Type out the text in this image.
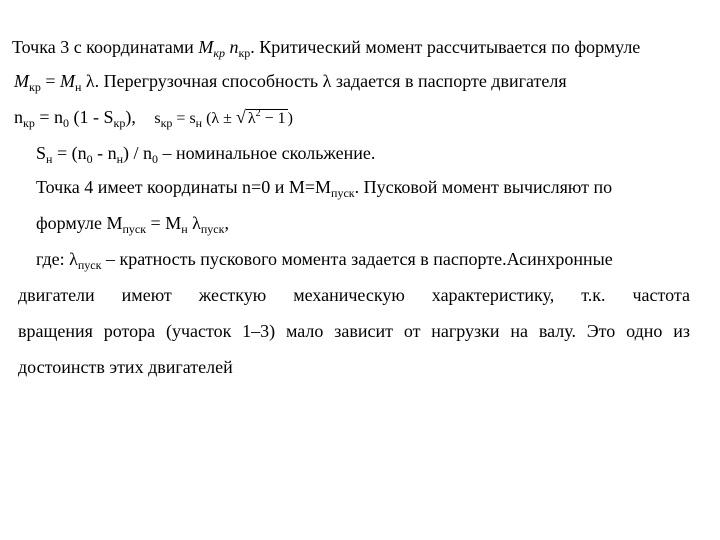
Точка 3 с координатами $M_{кр}$ $n_{кр}$. Критический момент рассчитывается по формуле
$M_{кр} = M_н$ λ. Перегрузочная способность λ задается в паспорте двигателя
$n_{кр} = n_0$ $(1 - S_{кр})$, $s_{кр} = s_н$ (λ ± √ $\lambda^2 - 1$ )
$S_н = (n_0 - n_н) / n_0$ – номинальное скольжение.
Точка 4 имеет координаты n=0 и $M=M_{пуск}$. Пусковой момент вычисляют по
формуле $M_{пуск} = M_н$ $\lambda_{пуск}$,
где: $\lambda_{пуск}$ – кратность пускового момента задается в паспорте.Асинхронные
двигатели имеют жесткую механическую характеристику, т.к. частота
вращения ротора (участок 1–3) мало зависит от нагрузки на валу. Это одно из
достоинств этих двигателей
